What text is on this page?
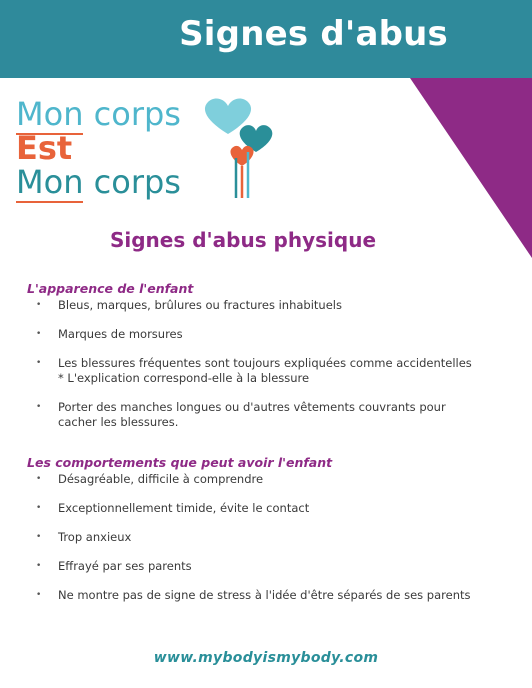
Signes d'abus
Mon corps
Est
Mon corps
Signes d'abus physique
L'apparence de l'enfant
• Bleus, marques, brûlures ou fractures inhabituels
• Marques de morsures
• Les blessures fréquentes sont toujours expliquées comme accidentelles * L'explication correspond-elle à la blessure
• Porter des manches longues ou d'autres vêtements couvrants pour cacher les blessures.
Les comportements que peut avoir l'enfant
• Désagréable, difficile à comprendre
• Exceptionnellement timide, évite le contact
• Trop anxieux
• Effrayé par ses parents
• Ne montre pas de signe de stress à l'idée d'être séparés de ses parents
www.mybodyismybody.com
